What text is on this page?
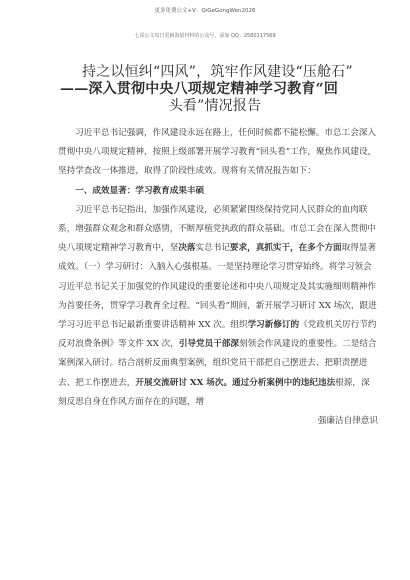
更多免费公文+V：QiGeGongWen2026
七哥公文每日更新海量材料的公众号，添加 QQ：2580117569
持之以恒纠“四风”，筑牢作风建设“压舱石”
——深入贯彻中央八项规定精神学习教育“回
头看”情况报告

习近平总书记强调，作风建设永远在路上，任何时候都不能松懈。市总工会深入贯彻中央八项规定精神，按照上级部署开展学习教育“回头看”工作，聚焦作风建设，坚持学查改一体推进，取得了阶段性成效。现将有关情况报告如下：

一、成效显著：学习教育成果丰硕

习近平总书记指出，加强作风建设，必须紧紧围绕保持党同人民群众的血肉联系，增强群众观念和群众感情，不断厚植党执政的群众基础。市总工会在深入贯彻中央八项规定精神学习教育中，坚决落实总书记要求，真抓实干，在多个方面取得显著成效。（一）学习研讨：入脑入心强根基。一是坚持理论学习贯穿始终。将学习领会习近平总书记关于加强党的作风建设的重要论述和中央八项规定及其实施细则精神作为首要任务，贯穿学习教育全过程。“回头看”期间，新开展学习研讨 XX 场次，跟进学习习近平总书记最新重要讲话精神 XX 次。组织学习新修订的《党政机关厉行节约反对浪费条例》等文件 XX 次，引导党员干部深刻领会作风建设的重要性。二是结合案例深入研讨。结合剖析反面典型案例，组织党员干部把自己摆进去、把职责摆进去、把工作摆进去，开展交流研讨 XX 场次。通过分析案例中的违纪违法根源，深刻反思自身在作风方面存在的问题，增

强廉洁自律意识
